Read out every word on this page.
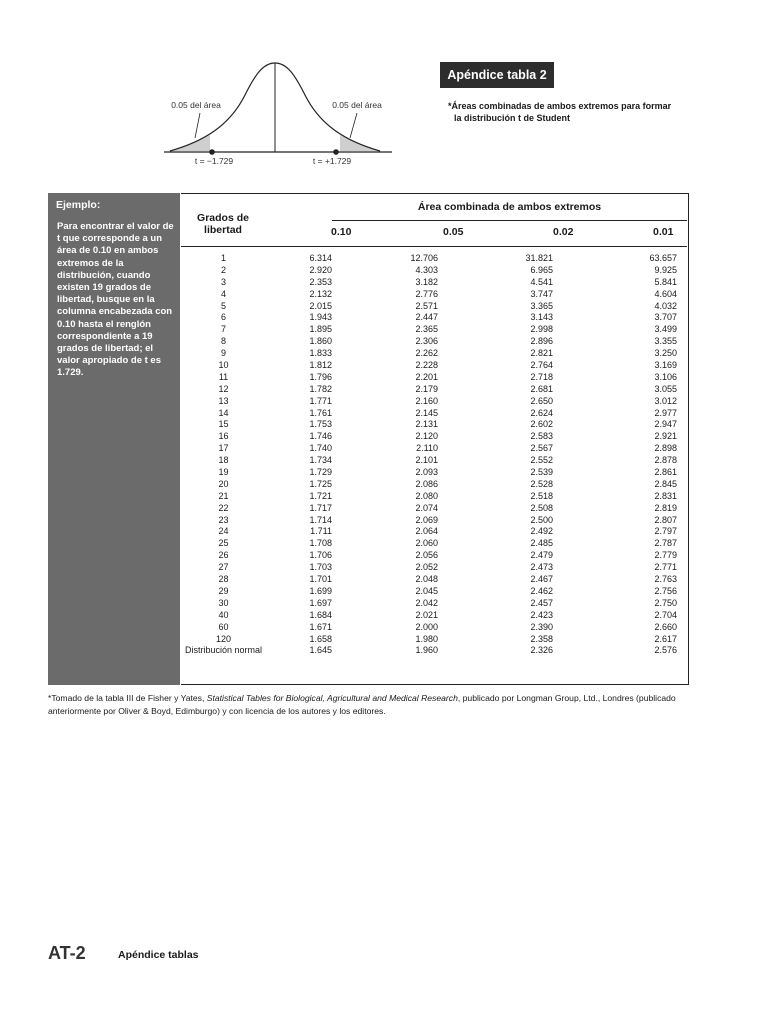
0.05 del área	0.05 del área
t = −1.729	t = +1.729
Apéndice tabla 2
*Áreas combinadas de ambos extremos para formar
la distribución t de Student
Ejemplo:
Para encontrar el valor de t que corresponde a un área de 0.10 en ambos extremos de la distribución, cuando existen 19 grados de libertad, busque en la columna encabezada con 0.10 hasta el renglón correspondiente a 19 grados de libertad; el valor apropiado de t es 1.729.
Área combinada de ambos extremos
Grados de libertad	0.10	0.05	0.02	0.01
1	6.314	12.706	31.821	63.657
2	2.920	4.303	6.965	9.925
3	2.353	3.182	4.541	5.841
4	2.132	2.776	3.747	4.604
5	2.015	2.571	3.365	4.032
6	1.943	2.447	3.143	3.707
7	1.895	2.365	2.998	3.499
8	1.860	2.306	2.896	3.355
9	1.833	2.262	2.821	3.250
10	1.812	2.228	2.764	3.169
11	1.796	2.201	2.718	3.106
12	1.782	2.179	2.681	3.055
13	1.771	2.160	2.650	3.012
14	1.761	2.145	2.624	2.977
15	1.753	2.131	2.602	2.947
16	1.746	2.120	2.583	2.921
17	1.740	2.110	2.567	2.898
18	1.734	2.101	2.552	2.878
19	1.729	2.093	2.539	2.861
20	1.725	2.086	2.528	2.845
21	1.721	2.080	2.518	2.831
22	1.717	2.074	2.508	2.819
23	1.714	2.069	2.500	2.807
24	1.711	2.064	2.492	2.797
25	1.708	2.060	2.485	2.787
26	1.706	2.056	2.479	2.779
27	1.703	2.052	2.473	2.771
28	1.701	2.048	2.467	2.763
29	1.699	2.045	2.462	2.756
30	1.697	2.042	2.457	2.750
40	1.684	2.021	2.423	2.704
60	1.671	2.000	2.390	2.660
120	1.658	1.980	2.358	2.617
Distribución normal	1.645	1.960	2.326	2.576
*Tomado de la tabla III de Fisher y Yates, Statistical Tables for Biological, Agricultural and Medical Research, publicado por Longman Group, Ltd., Londres (publicado anteriormente por Oliver & Boyd, Edimburgo) y con licencia de los autores y los editores.
AT-2	Apéndice tablas
